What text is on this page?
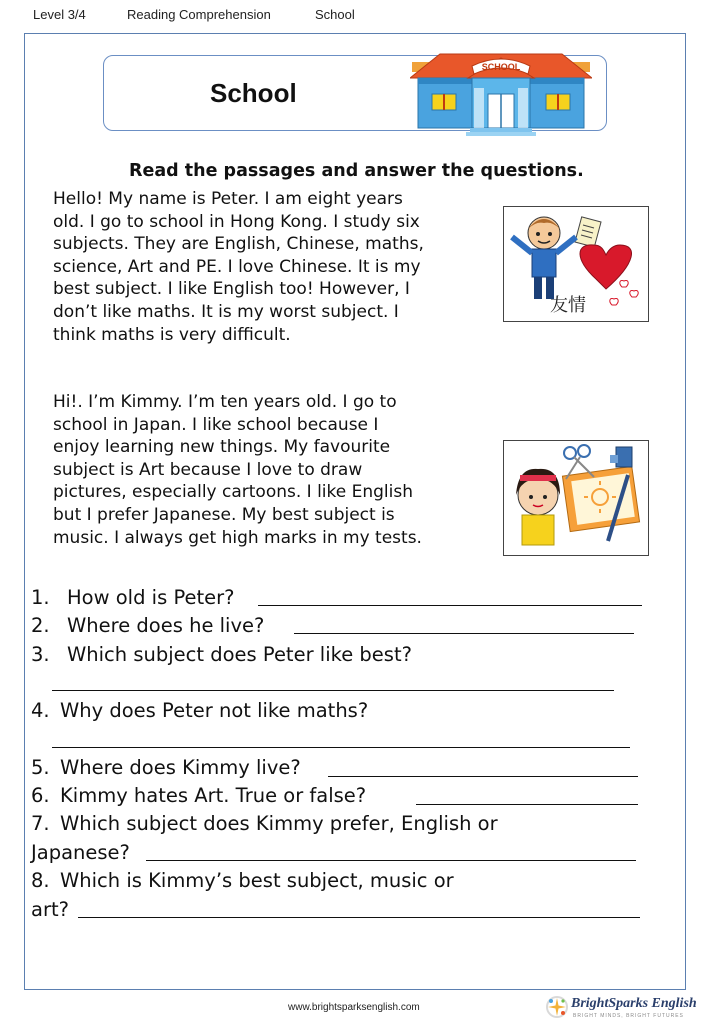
Level 3/4	Reading Comprehension	School
School
SCHOOL
Read the passages and answer the questions.
Hello! My name is Peter. I am eight years
old. I go to school in Hong Kong. I study six
subjects. They are English, Chinese, maths,
science, Art and PE. I love Chinese. It is my
best subject. I like English too! However, I
don’t like maths. It is my worst subject. I
think maths is very difficult.
友情
Hi!. I’m Kimmy. I’m ten years old. I go to
school in Japan. I like school because I
enjoy learning new things. My favourite
subject is Art because I love to draw
pictures, especially cartoons. I like English
but I prefer Japanese. My best subject is
music. I always get high marks in my tests.
1. How old is Peter?
2. Where does he live?
3. Which subject does Peter like best?
4. Why does Peter not like maths?
5. Where does Kimmy live?
6. Kimmy hates Art. True or false?
7. Which subject does Kimmy prefer, English or
Japanese?
8. Which is Kimmy’s best subject, music or
art?
www.brightsparksenglish.com	BrightSparks English
BRIGHT MINDS, BRIGHT FUTURES
